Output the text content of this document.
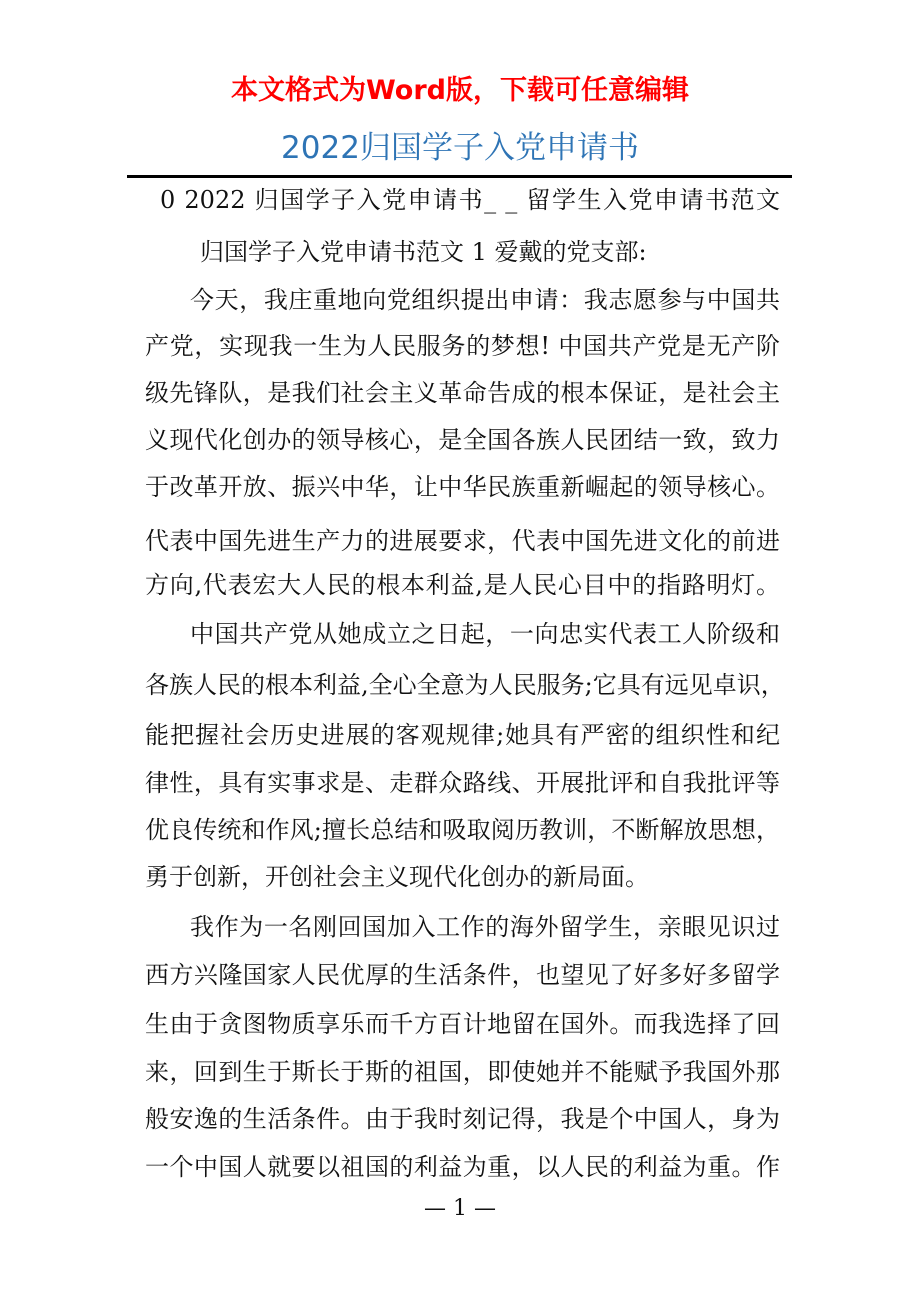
本文格式为Word版，下载可任意编辑
2022归国学子入党申请书
0 2022 归国学子入党申请书_ _ 留学生入党申请书范文
归国学子入党申请书范文 1 爱戴的党支部:
今天，我庄重地向党组织提出申请：我志愿参与中国共
产党，实现我一生为人民服务的梦想! 中国共产党是无产阶
级先锋队，是我们社会主义革命告成的根本保证，是社会主
义现代化创办的领导核心，是全国各族人民团结一致，致力
于改革开放、振兴中华，让中华民族重新崛起的领导核心。
代表中国先进生产力的进展要求，代表中国先进文化的前进
方向,代表宏大人民的根本利益,是人民心目中的指路明灯。
中国共产党从她成立之日起，一向忠实代表工人阶级和
各族人民的根本利益,全心全意为人民服务;它具有远见卓识，
能把握社会历史进展的客观规律;她具有严密的组织性和纪
律性，具有实事求是、走群众路线、开展批评和自我批评等
优良传统和作风;擅长总结和吸取阅历教训，不断解放思想，
勇于创新，开创社会主义现代化创办的新局面。
我作为一名刚回国加入工作的海外留学生，亲眼见识过
西方兴隆国家人民优厚的生活条件，也望见了好多好多留学
生由于贪图物质享乐而千方百计地留在国外。而我选择了回
来，回到生于斯长于斯的祖国，即使她并不能赋予我国外那
般安逸的生活条件。由于我时刻记得，我是个中国人，身为
一个中国人就要以祖国的利益为重，以人民的利益为重。作
— 1 —
